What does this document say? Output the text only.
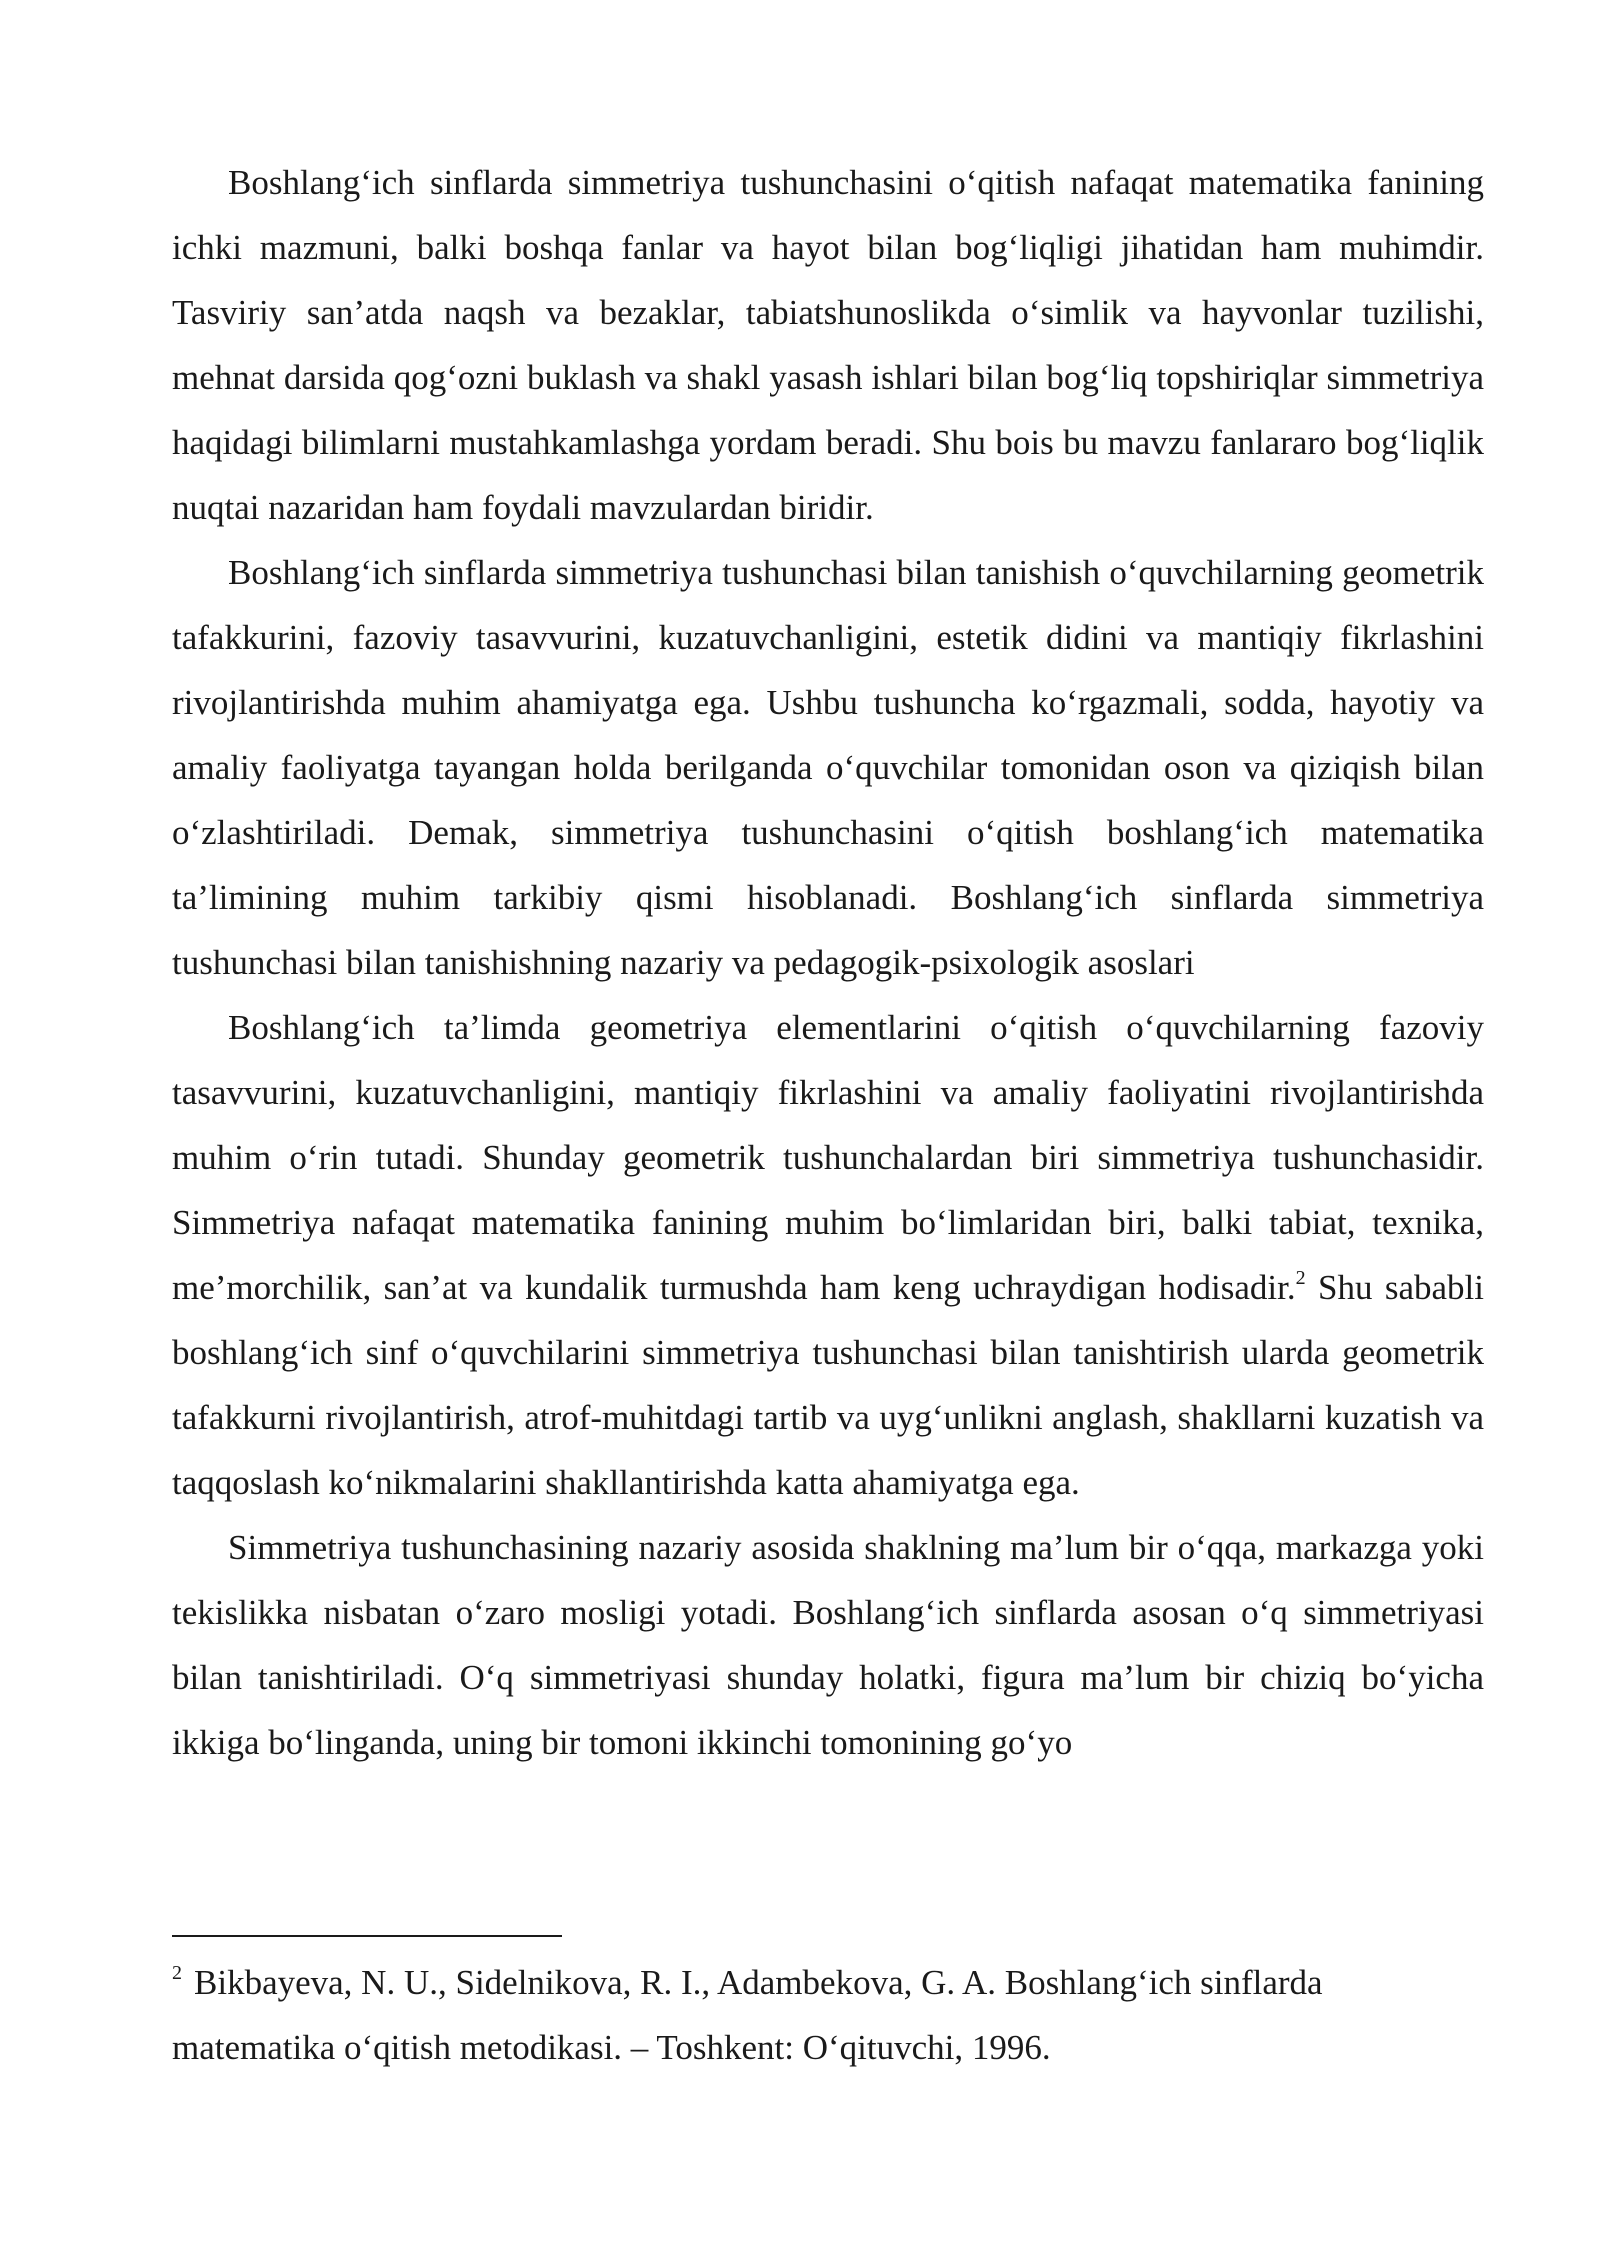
Boshlang‘ich sinflarda simmetriya tushunchasini o‘qitish nafaqat matematika fanining ichki mazmuni, balki boshqa fanlar va hayot bilan bog‘liqligi jihatidan ham muhimdir. Tasviriy san’atda naqsh va bezaklar, tabiatshunoslikda o‘simlik va hayvonlar tuzilishi, mehnat darsida qog‘ozni buklash va shakl yasash ishlari bilan bog‘liq topshiriqlar simmetriya haqidagi bilimlarni mustahkamlashga yordam beradi. Shu bois bu mavzu fanlararo bog‘liqlik nuqtai nazaridan ham foydali mavzulardan biridir.

Boshlang‘ich sinflarda simmetriya tushunchasi bilan tanishish o‘quvchilarning geometrik tafakkurini, fazoviy tasavvurini, kuzatuvchanligini, estetik didini va mantiqiy fikrlashini rivojlantirishda muhim ahamiyatga ega. Ushbu tushuncha ko‘rgazmali, sodda, hayotiy va amaliy faoliyatga tayangan holda berilganda o‘quvchilar tomonidan oson va qiziqish bilan o‘zlashtiriladi. Demak, simmetriya tushunchasini o‘qitish boshlang‘ich matematika ta’limining muhim tarkibiy qismi hisoblanadi. Boshlang‘ich sinflarda simmetriya tushunchasi bilan tanishishning nazariy va pedagogik-psixologik asoslari

Boshlang‘ich ta’limda geometriya elementlarini o‘qitish o‘quvchilarning fazoviy tasavvurini, kuzatuvchanligini, mantiqiy fikrlashini va amaliy faoliyatini rivojlantirishda muhim o‘rin tutadi. Shunday geometrik tushunchalardan biri simmetriya tushunchasidir. Simmetriya nafaqat matematika fanining muhim bo‘limlaridan biri, balki tabiat, texnika, me’morchilik, san’at va kundalik turmushda ham keng uchraydigan hodisadir.$^2$ Shu sababli boshlang‘ich sinf o‘quvchilarini simmetriya tushunchasi bilan tanishtirish ularda geometrik tafakkurni rivojlantirish, atrof-muhitdagi tartib va uyg‘unlikni anglash, shakllarni kuzatish va taqqoslash ko‘nikmalarini shakllantirishda katta ahamiyatga ega.

Simmetriya tushunchasining nazariy asosida shaklning ma’lum bir o‘qqa, markazga yoki tekislikka nisbatan o‘zaro mosligi yotadi. Boshlang‘ich sinflarda asosan o‘q simmetriyasi bilan tanishtiriladi. O‘q simmetriyasi shunday holatki, figura ma’lum bir chiziq bo‘yicha ikkiga bo‘linganda, uning bir tomoni ikkinchi tomonining go‘yo

$^2$ Bikbayeva, N. U., Sidelnikova, R. I., Adambekova, G. A. Boshlang‘ich sinflarda matematika o‘qitish metodikasi. – Toshkent: O‘qituvchi, 1996.
